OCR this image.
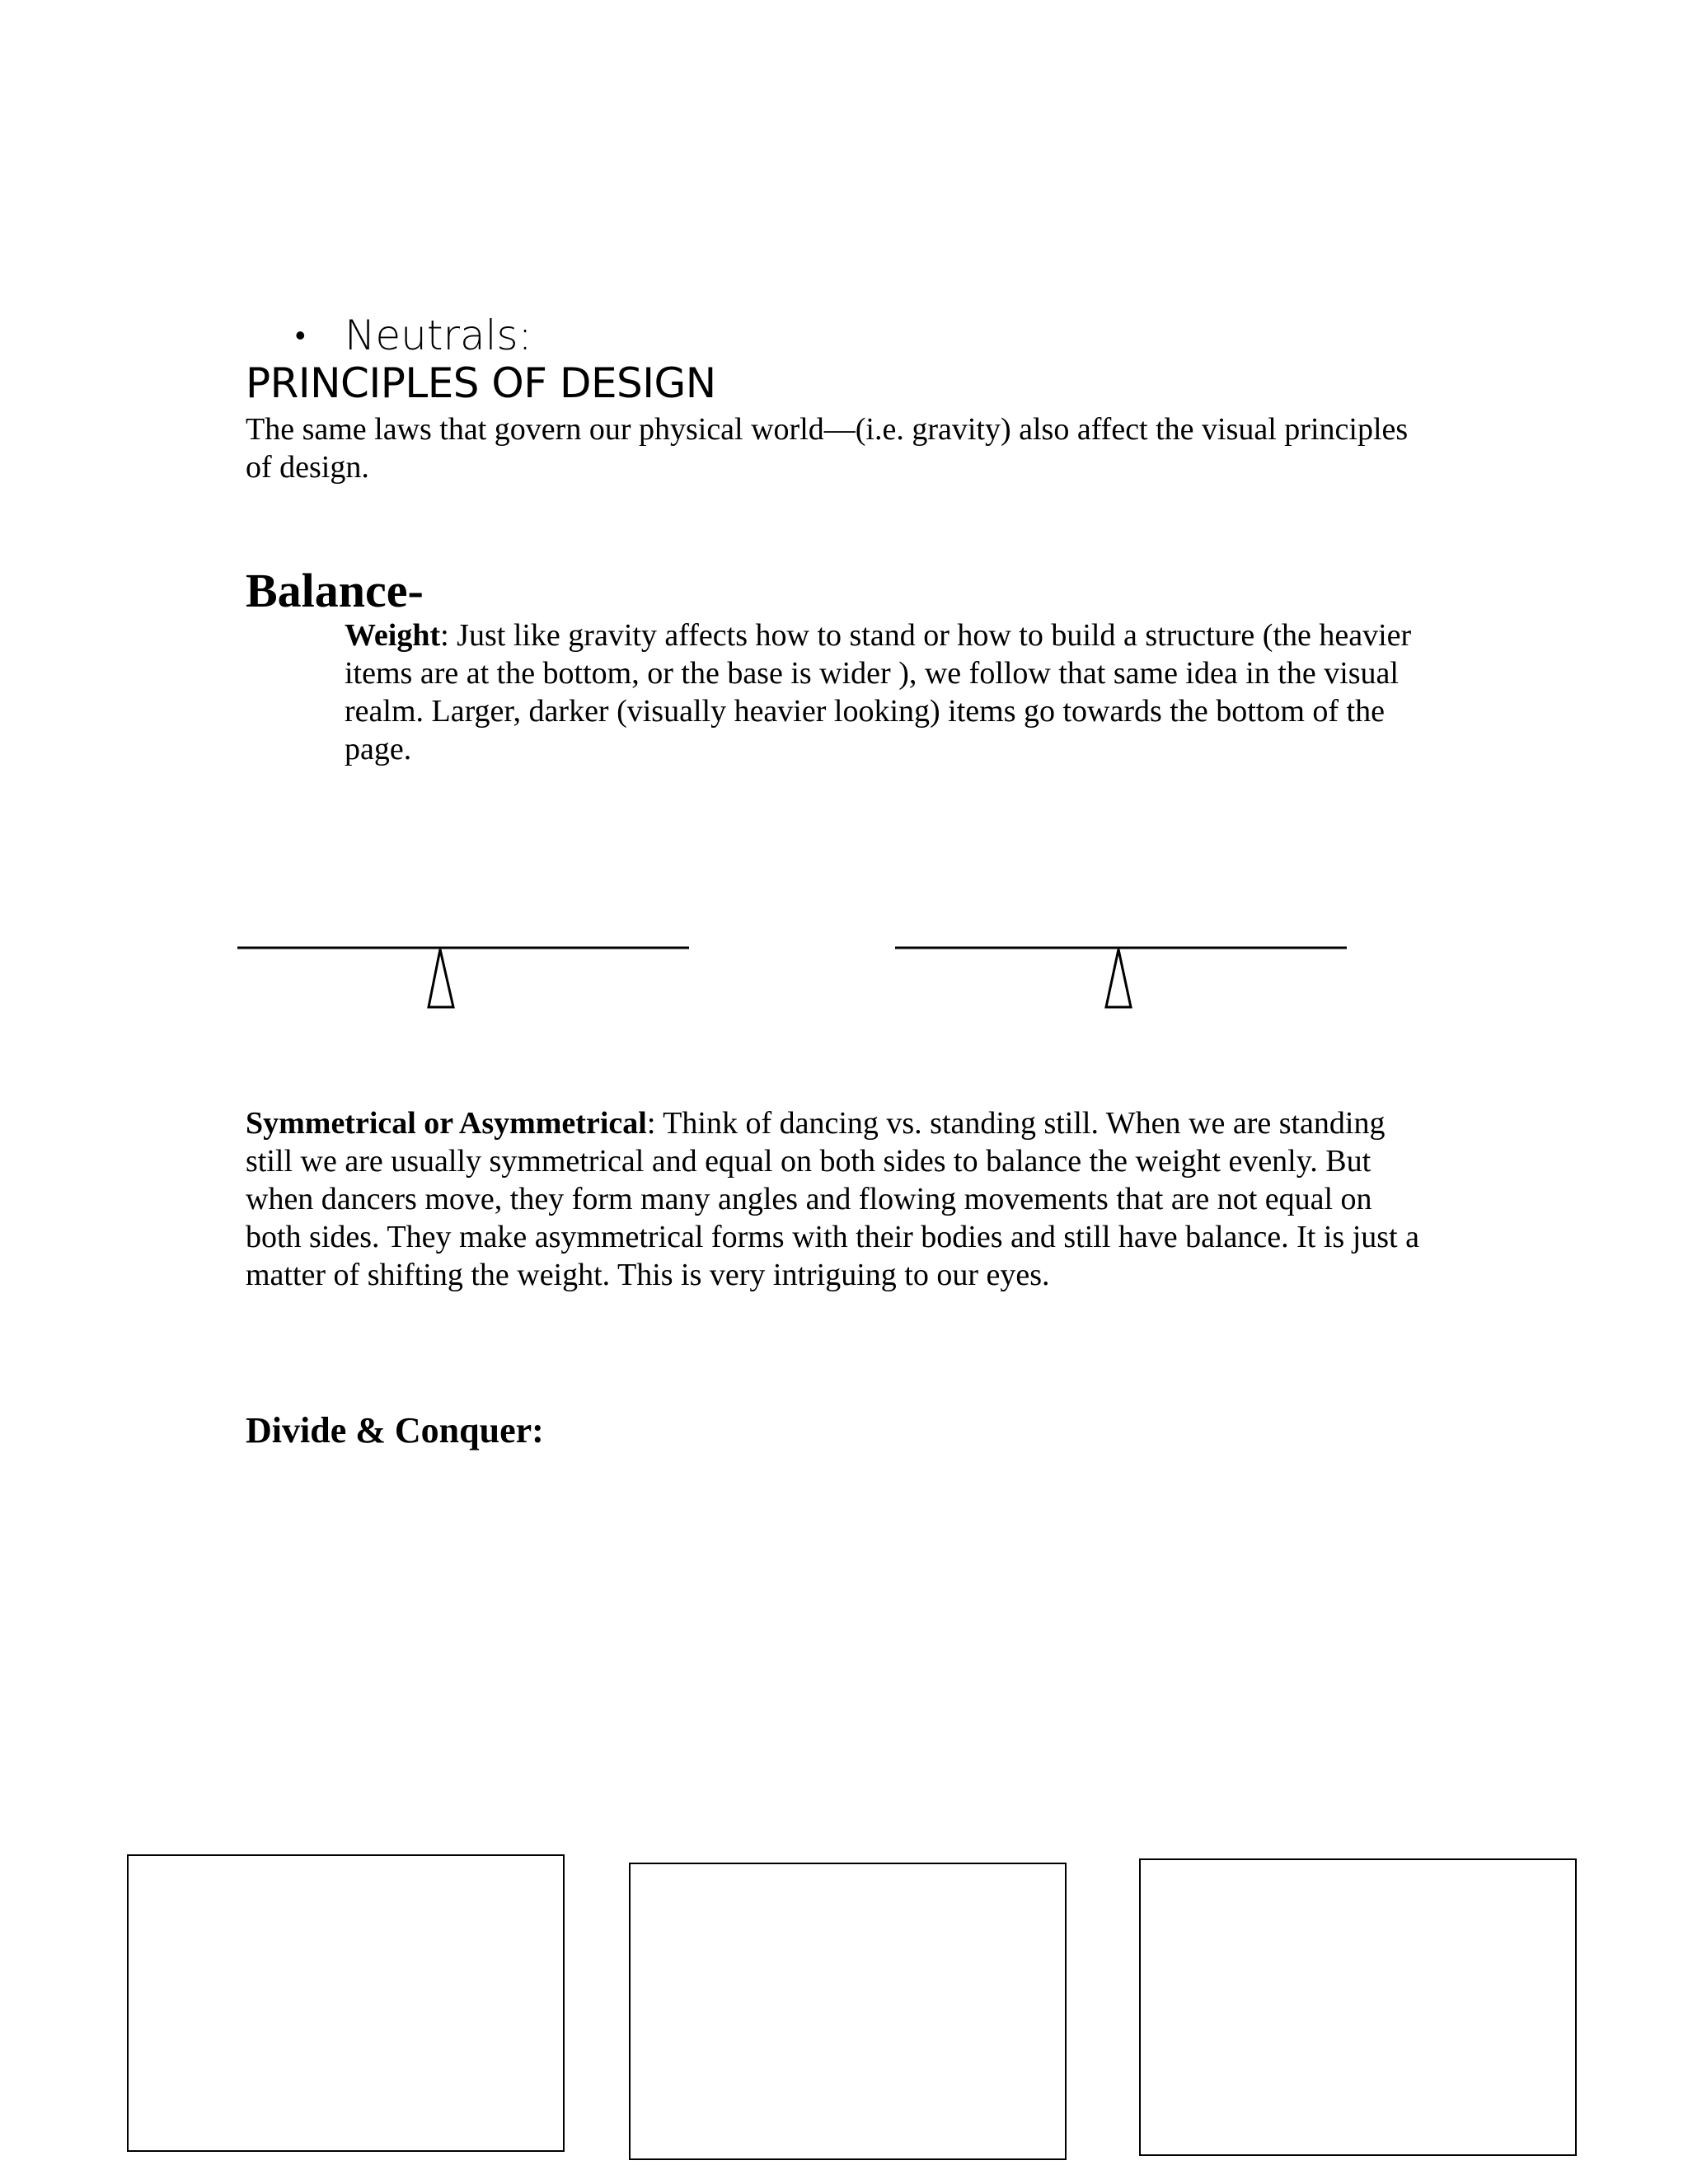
• Neutrals:
PRINCIPLES OF DESIGN

The same laws that govern our physical world—(i.e. gravity) also affect the visual principles of design.

Balance-

Weight: Just like gravity affects how to stand or how to build a structure (the heavier items are at the bottom, or the base is wider ), we follow that same idea in the visual realm. Larger, darker (visually heavier looking) items go towards the bottom of the page.

Symmetrical or Asymmetrical: Think of dancing vs. standing still. When we are standing still we are usually symmetrical and equal on both sides to balance the weight evenly. But when dancers move, they form many angles and flowing movements that are not equal on both sides. They make asymmetrical forms with their bodies and still have balance. It is just a matter of shifting the weight. This is very intriguing to our eyes.

Divide & Conquer:
